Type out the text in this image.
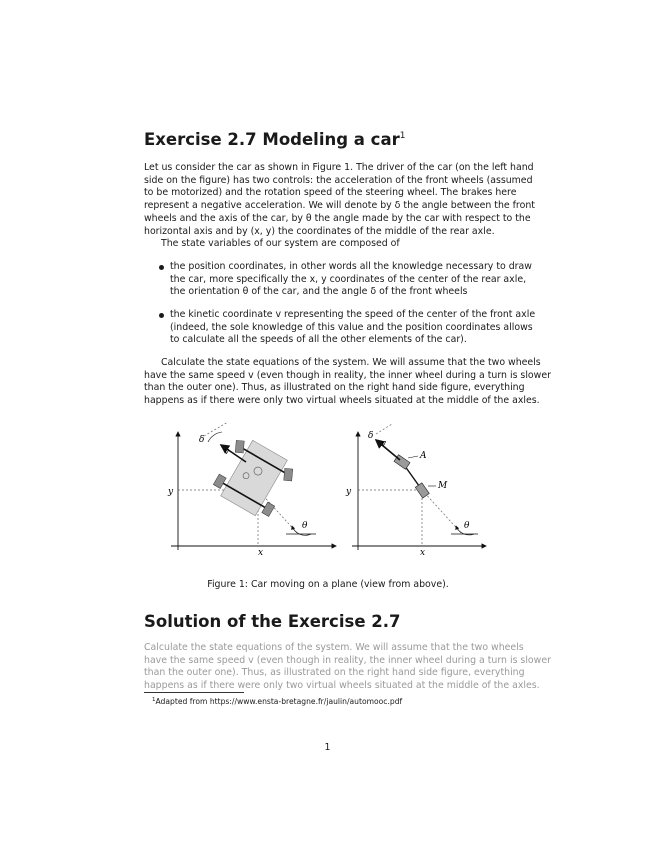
Exercise 2.7 Modeling a car$^1$
Let us consider the car as shown in Figure 1. The driver of the car (on the left hand
side on the figure) has two controls: the acceleration of the front wheels (assumed
to be motorized) and the rotation speed of the steering wheel. The brakes here
represent a negative acceleration. We will denote by δ the angle between the front
wheels and the axis of the car, by θ the angle made by the car with respect to the
horizontal axis and by (x, y) the coordinates of the middle of the rear axle.
The state variables of our system are composed of
the position coordinates, in other words all the knowledge necessary to draw
the car, more specifically the x, y coordinates of the center of the rear axle,
the orientation θ of the car, and the angle δ of the front wheels
the kinetic coordinate v representing the speed of the center of the front axle
(indeed, the sole knowledge of this value and the position coordinates allows
to calculate all the speeds of all the other elements of the car).
Calculate the state equations of the system. We will assume that the two wheels
have the same speed v (even though in reality, the inner wheel during a turn is slower
than the outer one). Thus, as illustrated on the right hand side figure, everything
happens as if there were only two virtual wheels situated at the middle of the axles.
δ
v
y
x
θ
δ
v
A
M
y
x
θ
Figure 1: Car moving on a plane (view from above).
Solution of the Exercise 2.7
Calculate the state equations of the system. We will assume that the two wheels
have the same speed v (even though in reality, the inner wheel during a turn is slower
than the outer one). Thus, as illustrated on the right hand side figure, everything
happens as if there were only two virtual wheels situated at the middle of the axles.
$^1$Adapted from https://www.ensta-bretagne.fr/jaulin/automooc.pdf
1
